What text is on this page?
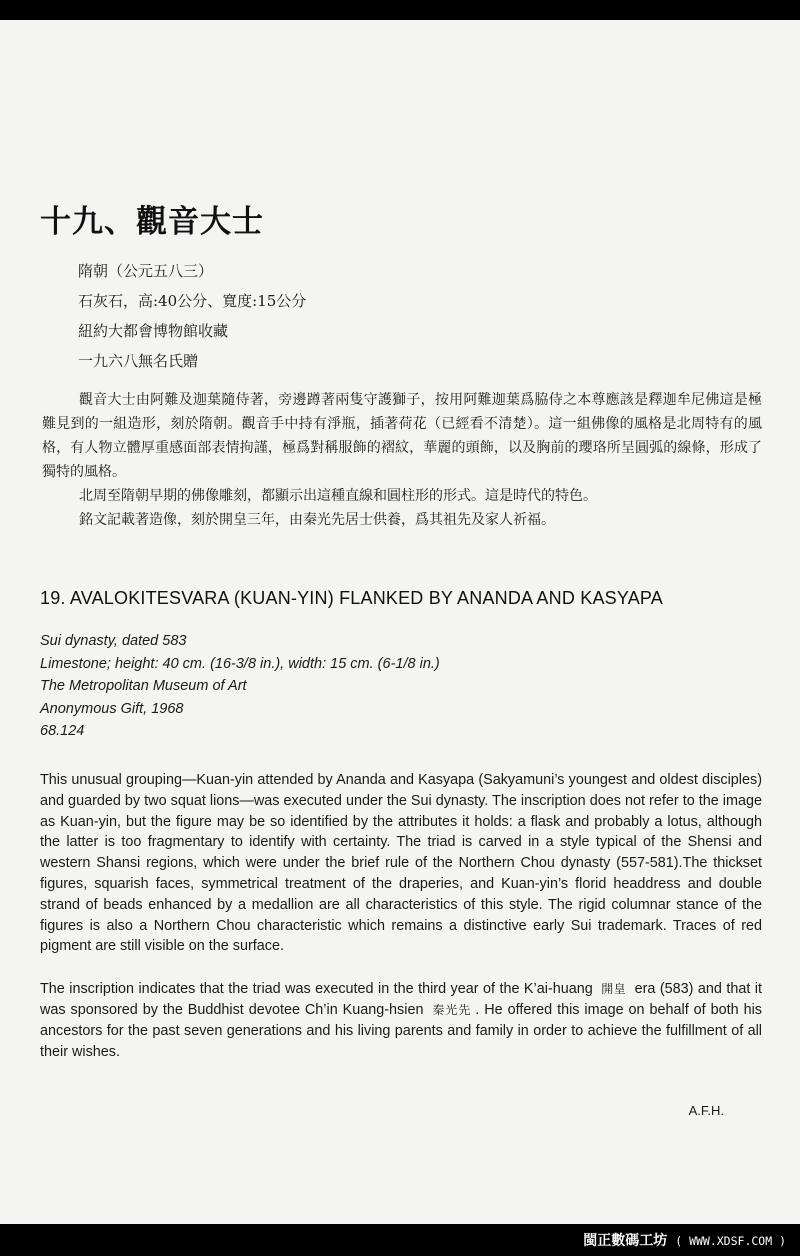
十九、觀音大士
隋朝（公元五八三）
石灰石，高:40公分、寬度:15公分
紐約大都會博物館收藏
一九六八無名氏贈

觀音大士由阿難及迦葉隨侍著，旁邊蹲著兩隻守護獅子，按用阿難迦葉爲脇侍之本尊應該是釋迦牟尼佛這是極難見到的一組造形，刻於隋朝。觀音手中持有淨瓶，插著荷花（已經看不清楚）。這一組佛像的風格是北周特有的風格，有人物立體厚重感面部表情拘謹，極爲對稱服飾的褶紋，華麗的頭飾，以及胸前的瓔珞所呈圓弧的線條，形成了獨特的風格。

北周至隋朝早期的佛像雕刻，都顯示出這種直線和圓柱形的形式。這是時代的特色。

銘文記載著造像，刻於開皇三年，由秦光先居士供養，爲其祖先及家人祈福。

19. AVALOKITESVARA (KUAN-YIN) FLANKED BY ANANDA AND KASYAPA
Sui dynasty, dated 583
Limestone; height: 40 cm. (16-3/8 in.), width: 15 cm. (6-1/8 in.)
The Metropolitan Museum of Art
Anonymous Gift, 1968
68.124

This unusual grouping—Kuan-yin attended by Ananda and Kasyapa (Sakyamuni’s youngest and oldest disciples) and guarded by two squat lions—was executed under the Sui dynasty. The inscription does not refer to the image as Kuan-yin, but the figure may be so identified by the attributes it holds: a flask and probably a lotus, although the latter is too fragmentary to identify with certainty. The triad is carved in a style typical of the Shensi and western Shansi regions, which were under the brief rule of the Northern Chou dynasty (557-581).The thickset figures, squarish faces, symmetrical treatment of the draperies, and Kuan-yin’s florid headdress and double strand of beads enhanced by a medallion are all characteristics of this style. The rigid columnar stance of the figures is also a Northern Chou characteristic which remains a distinctive early Sui trademark. Traces of red pigment are still visible on the surface.

The inscription indicates that the triad was executed in the third year of the K’ai-huang 開皇 era (583) and that it was sponsored by the Buddhist devotee Ch’in Kuang-hsien 秦光先 . He offered this image on behalf of both his ancestors for the past seven generations and his living parents and family in order to achieve the fulfillment of all their wishes.

A.F.H.
閩正數碼工坊 ( WWW.XDSF.COM )
